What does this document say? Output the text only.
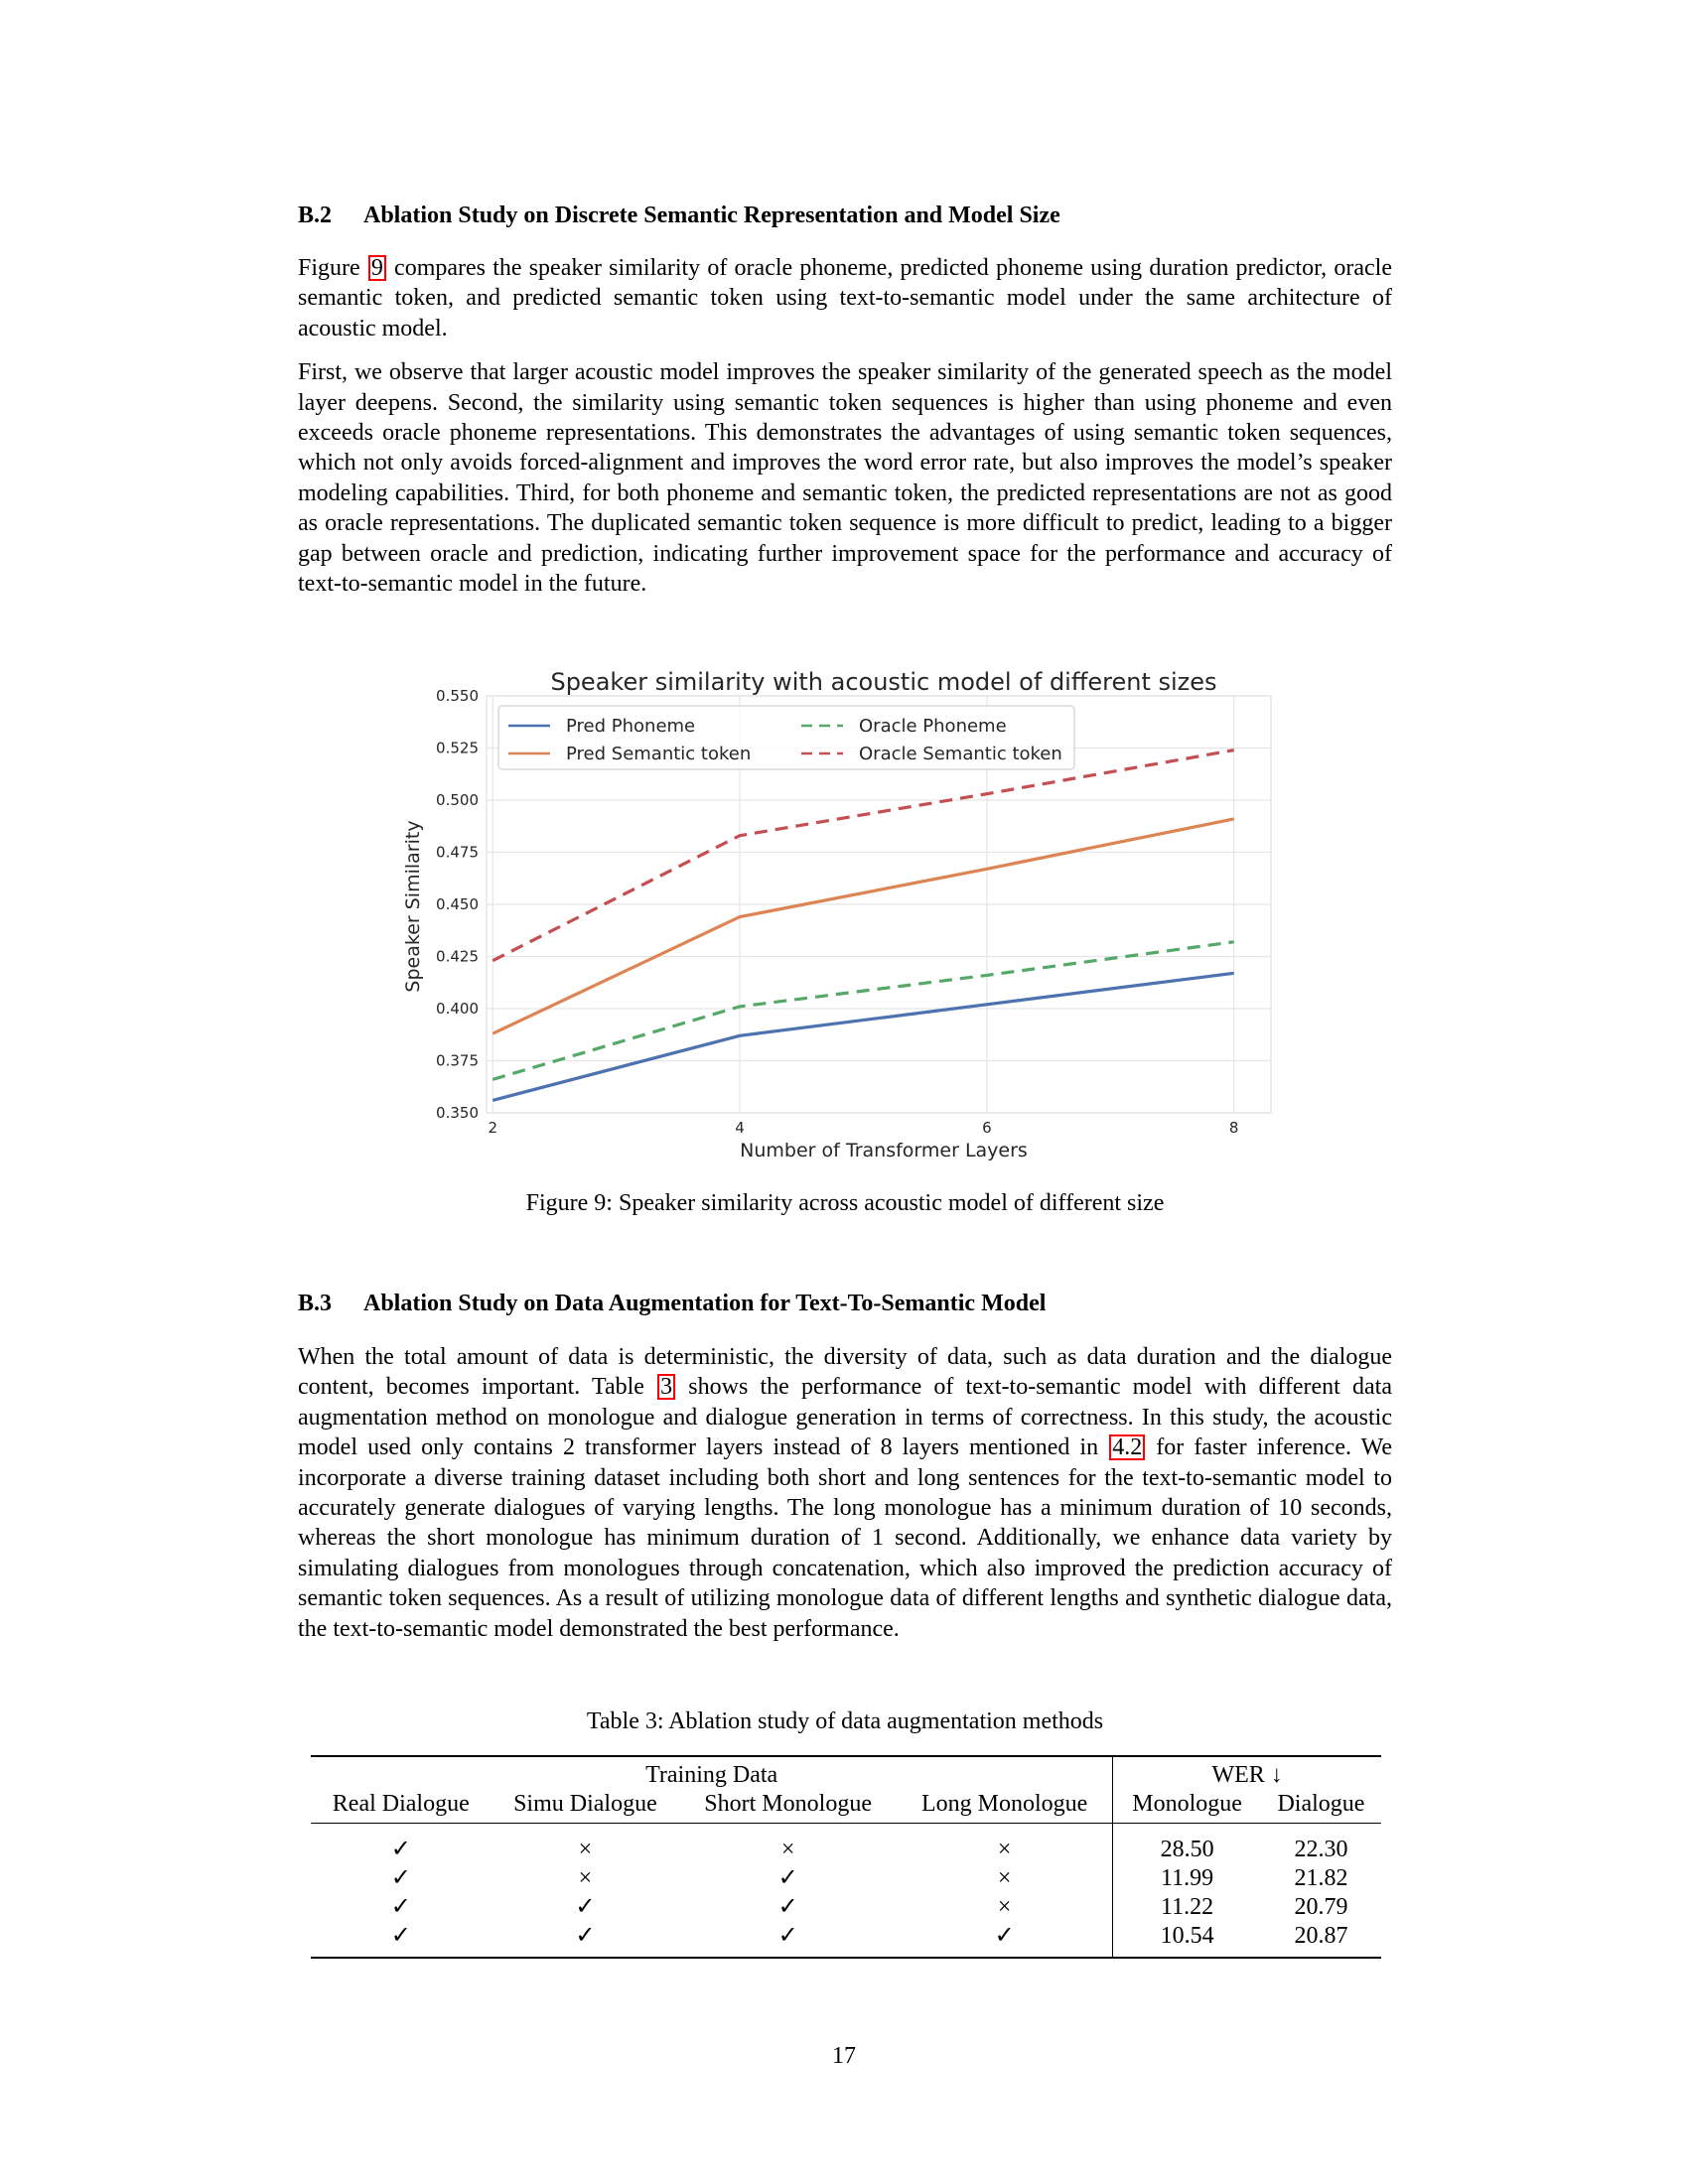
B.2 Ablation Study on Discrete Semantic Representation and Model Size

Figure 9 compares the speaker similarity of oracle phoneme, predicted phoneme using duration predictor, oracle semantic token, and predicted semantic token using text-to-semantic model under the same architecture of acoustic model.

First, we observe that larger acoustic model improves the speaker similarity of the generated speech as the model layer deepens. Second, the similarity using semantic token sequences is higher than using phoneme and even exceeds oracle phoneme representations. This demonstrates the advantages of using semantic token sequences, which not only avoids forced-alignment and improves the word error rate, but also improves the model’s speaker modeling capabilities. Third, for both phoneme and semantic token, the predicted representations are not as good as oracle representations. The duplicated semantic token sequence is more difficult to predict, leading to a bigger gap between oracle and prediction, indicating further improvement space for the performance and accuracy of text-to-semantic model in the future.

Speaker similarity with acoustic model of different sizes
0.350
0.375
0.400
0.425
0.450
0.475
0.500
0.525
0.550
2	4	6	8
Pred Phoneme	Oracle Phoneme
Pred Semantic token	Oracle Semantic token
Number of Transformer Layers
Speaker Similarity
Figure 9: Speaker similarity across acoustic model of different size
B.3 Ablation Study on Data Augmentation for Text-To-Semantic Model

When the total amount of data is deterministic, the diversity of data, such as data duration and the dialogue content, becomes important. Table 3 shows the performance of text-to-semantic model with different data augmentation method on monologue and dialogue generation in terms of correctness. In this study, the acoustic model used only contains 2 transformer layers instead of 8 layers mentioned in 4.2 for faster inference. We incorporate a diverse training dataset including both short and long sentences for the text-to-semantic model to accurately generate dialogues of varying lengths. The long monologue has a minimum duration of 10 seconds, whereas the short monologue has minimum duration of 1 second. Additionally, we enhance data variety by simulating dialogues from monologues through concatenation, which also improved the prediction accuracy of semantic token sequences. As a result of utilizing monologue data of different lengths and synthetic dialogue data, the text-to-semantic model demonstrated the best performance.

Table 3: Ablation study of data augmentation methods
Training Data				WER ↓	
Real Dialogue	Simu Dialogue	Short Monologue	Long Monologue	Monologue	Dialogue
✓	×	×	×	28.50	22.30
✓	×	✓	×	11.99	21.82
✓	✓	✓	×	11.22	20.79
✓	✓	✓	✓	10.54	20.87
17
